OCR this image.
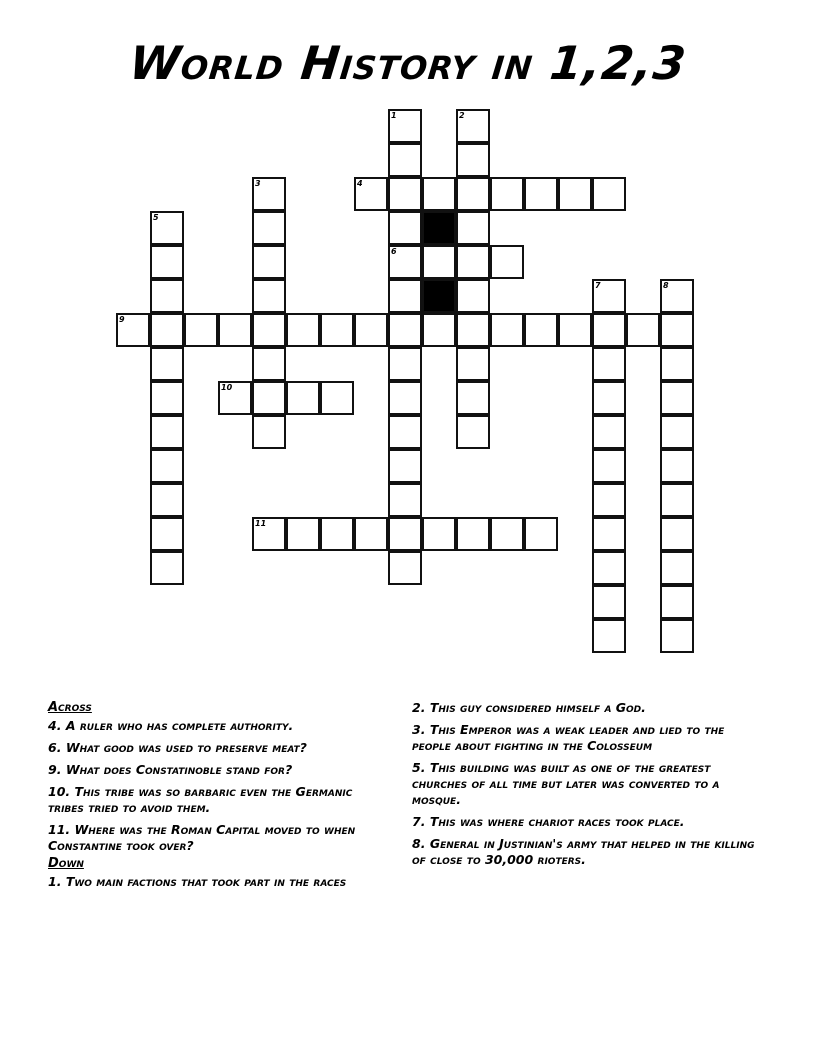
World History in 1,2,3
1
6
2
3	4
5
7	8
9
10
11
Across
4. A ruler who has complete authority.
6. What good was used to preserve meat?
9. What does Constatinoble stand for?
10. This tribe was so barbaric even the Germanic tribes tried to avoid them.
11. Where was the Roman Capital moved to when Constantine took over?
Down
1. Two main factions that took part in the races
2. This guy considered himself a God.
3. This Emperor was a weak leader and lied to the people about fighting in the Colosseum
5. This building was built as one of the greatest churches of all time but later was converted to a mosque.
7. This was where chariot races took place.
8. General in Justinian's army that helped in the killing of close to 30,000 rioters.
